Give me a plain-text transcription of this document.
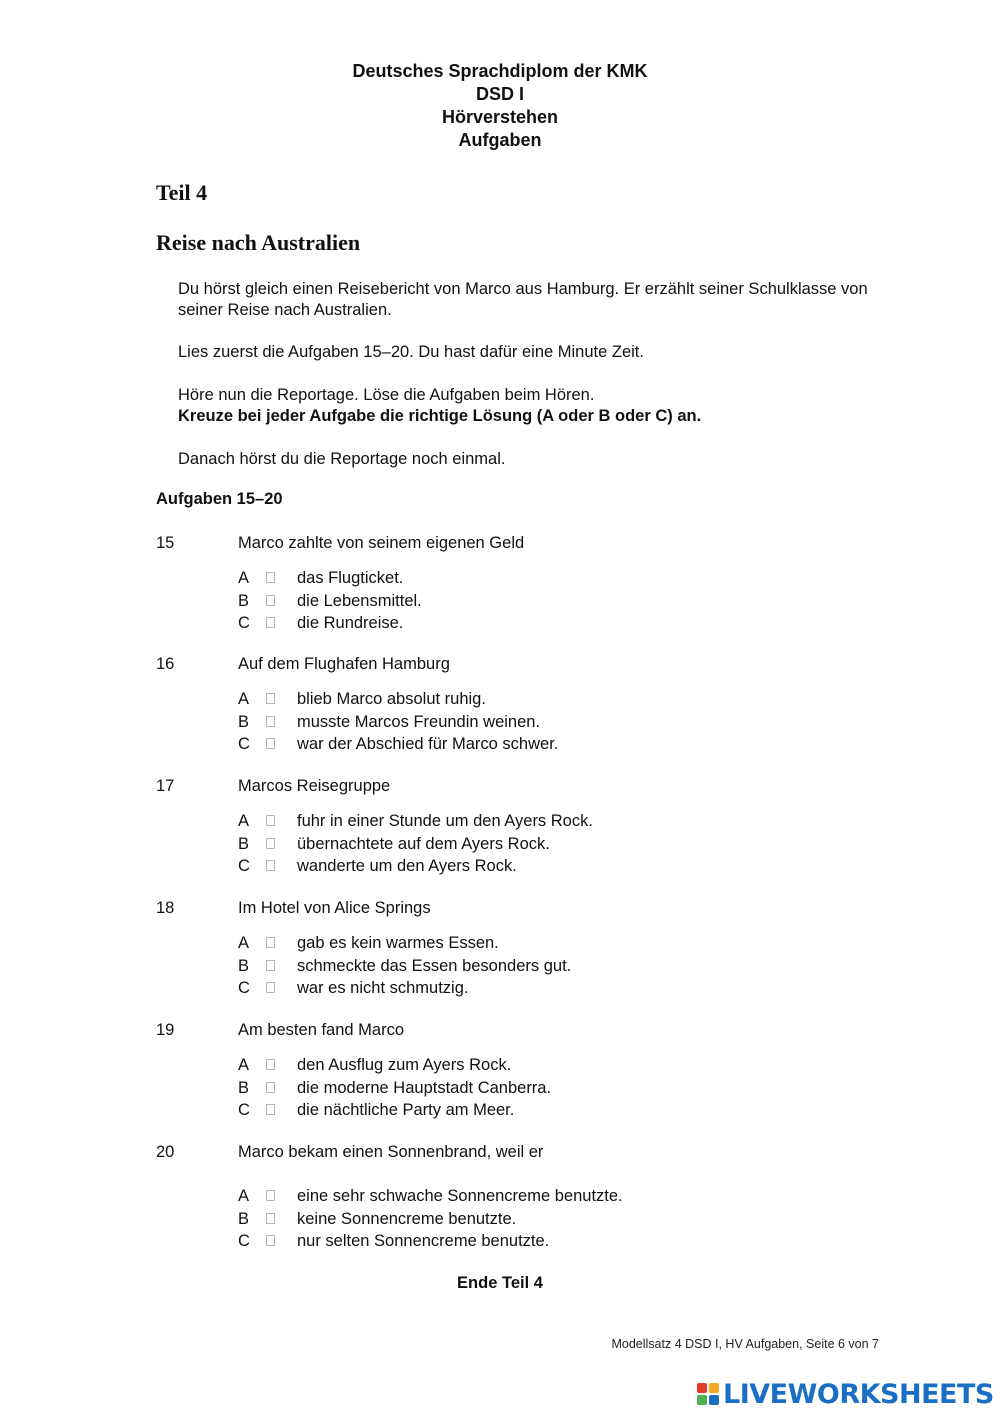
Deutsches Sprachdiplom der KMK
DSD I
Hörverstehen
Aufgaben
Teil 4
Reise nach Australien
Du hörst gleich einen Reisebericht von Marco aus Hamburg. Er erzählt seiner Schulklasse von seiner Reise nach Australien.
Lies zuerst die Aufgaben 15–20. Du hast dafür eine Minute Zeit.
Höre nun die Reportage. Löse die Aufgaben beim Hören.
Kreuze bei jeder Aufgabe die richtige Lösung (A oder B oder C) an.
Danach hörst du die Reportage noch einmal.
Aufgaben 15–20
15	Marco zahlte von seinem eigenen Geld
A	das Flugticket.
B	die Lebensmittel.
C	die Rundreise.
16	Auf dem Flughafen Hamburg
A	blieb Marco absolut ruhig.
B	musste Marcos Freundin weinen.
C	war der Abschied für Marco schwer.
17	Marcos Reisegruppe
A	fuhr in einer Stunde um den Ayers Rock.
B	übernachtete auf dem Ayers Rock.
C	wanderte um den Ayers Rock.
18	Im Hotel von Alice Springs
A	gab es kein warmes Essen.
B	schmeckte das Essen besonders gut.
C	war es nicht schmutzig.
19	Am besten fand Marco
A	den Ausflug zum Ayers Rock.
B	die moderne Hauptstadt Canberra.
C	die nächtliche Party am Meer.
20	Marco bekam einen Sonnenbrand, weil er
A	eine sehr schwache Sonnencreme benutzte.
B	keine Sonnencreme benutzte.
C	nur selten Sonnencreme benutzte.
Ende Teil 4
Modellsatz 4 DSD I, HV Aufgaben, Seite 6 von 7
LIVEWORKSHEETS
